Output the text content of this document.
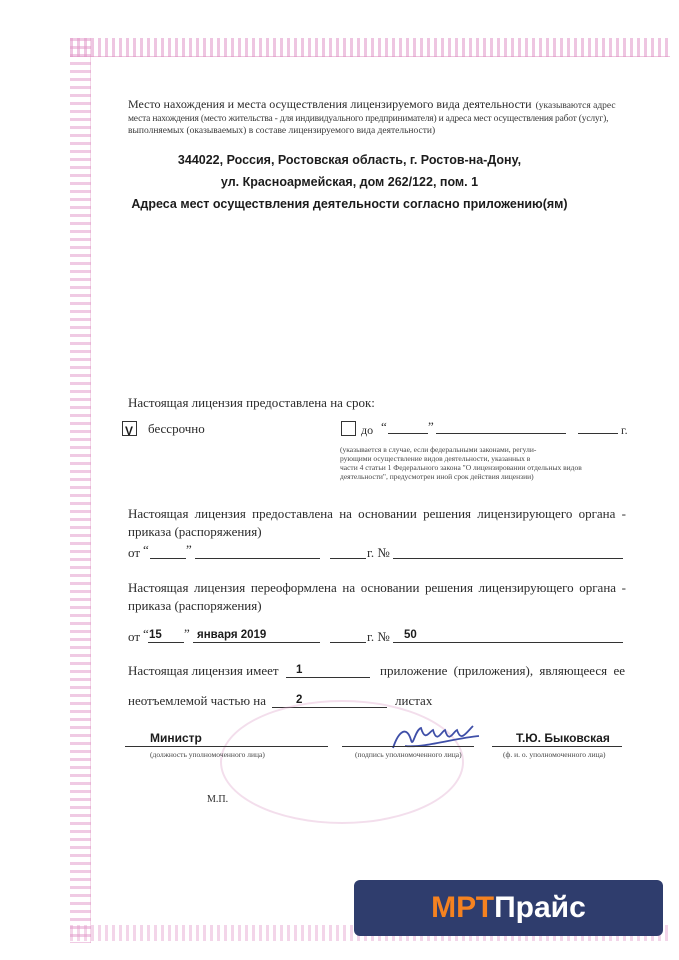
Место нахождения и места осуществления лицензируемого вида деятельности (указываются адрес
места нахождения (место жительства - для индивидуального предпринимателя) и адреса мест осуществления работ (услуг),
выполняемых (оказываемых) в составе лицензируемого вида деятельности)
344022, Россия, Ростовская область, г. Ростов-на-Дону,
ул. Красноармейская, дом 262/122, пом. 1
Адреса мест осуществления деятельности согласно приложению(ям)
Настоящая лицензия предоставлена на срок:
V бессрочно	до “	”	г.
(указывается в случае, если федеральными законами, регули-
рующими осуществление видов деятельности, указанных в
части 4 статьи 1 Федерального закона "О лицензировании отдельных видов
деятельности", предусмотрен иной срок действия лицензии)
Настоящая лицензия предоставлена на основании решения лицензирующего органа -
приказа (распоряжения)
от “	”	г. №
Настоящая лицензия переоформлена на основании решения лицензирующего органа -
приказа (распоряжения)
от “ 15 ” января 2019	г. № 50
Настоящая лицензия имеет 1	приложение (приложения), являющееся ее
неотъемлемой частью на	2	листах
Министр
(должность уполномоченного лица)	(подпись уполномоченного лица)
Т.Ю. Быковская
(ф. и. о. уполномоченного лица)
М.П.
МРТ Прайс
